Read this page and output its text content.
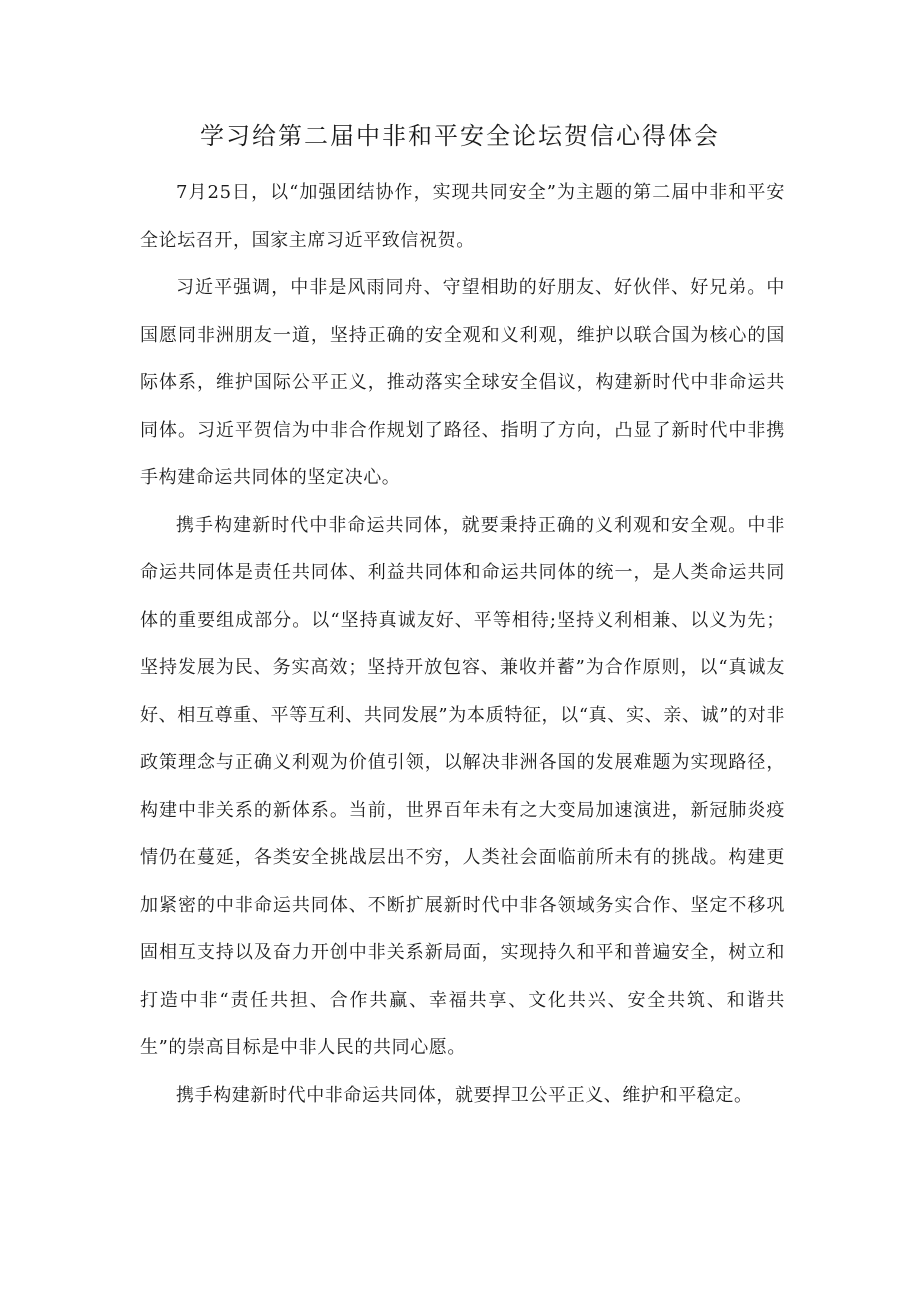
学习给第二届中非和平安全论坛贺信心得体会

7月25日，以“加强团结协作，实现共同安全”为主题的第二届中非和平安全论坛召开，国家主席习近平致信祝贺。

习近平强调，中非是风雨同舟、守望相助的好朋友、好伙伴、好兄弟。中国愿同非洲朋友一道，坚持正确的安全观和义利观，维护以联合国为核心的国际体系，维护国际公平正义，推动落实全球安全倡议，构建新时代中非命运共同体。习近平贺信为中非合作规划了路径、指明了方向，凸显了新时代中非携手构建命运共同体的坚定决心。

携手构建新时代中非命运共同体，就要秉持正确的义利观和安全观。中非命运共同体是责任共同体、利益共同体和命运共同体的统一，是人类命运共同体的重要组成部分。以“坚持真诚友好、平等相待;坚持义利相兼、以义为先；坚持发展为民、务实高效；坚持开放包容、兼收并蓄”为合作原则，以“真诚友好、相互尊重、平等互利、共同发展”为本质特征，以“真、实、亲、诚”的对非政策理念与正确义利观为价值引领，以解决非洲各国的发展难题为实现路径，构建中非关系的新体系。当前，世界百年未有之大变局加速演进，新冠肺炎疫情仍在蔓延，各类安全挑战层出不穷，人类社会面临前所未有的挑战。构建更加紧密的中非命运共同体、不断扩展新时代中非各领域务实合作、坚定不移巩固相互支持以及奋力开创中非关系新局面，实现持久和平和普遍安全，树立和打造中非“责任共担、合作共赢、幸福共享、文化共兴、安全共筑、和谐共生”的崇高目标是中非人民的共同心愿。

携手构建新时代中非命运共同体，就要捍卫公平正义、维护和平稳定。
